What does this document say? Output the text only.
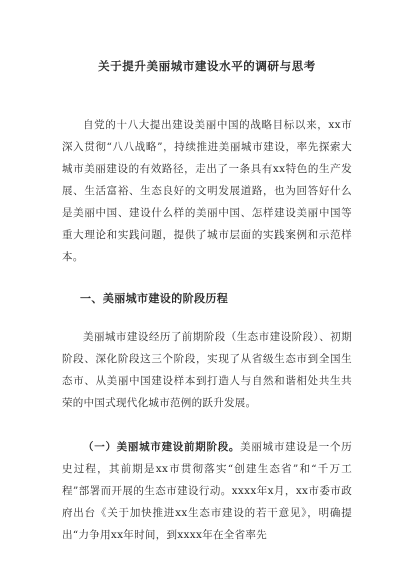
关于提升美丽城市建设水平的调研与思考

自党的十八大提出建设美丽中国的战略目标以来，xx市深入贯彻“八八战略”，持续推进美丽城市建设，率先探索大城市美丽建设的有效路径，走出了一条具有xx特色的生产发展、生活富裕、生态良好的文明发展道路，也为回答好什么是美丽中国、建设什么样的美丽中国、怎样建设美丽中国等重大理论和实践问题，提供了城市层面的实践案例和示范样本。

一、美丽城市建设的阶段历程

美丽城市建设经历了前期阶段（生态市建设阶段）、初期阶段、深化阶段这三个阶段，实现了从省级生态市到全国生态市、从美丽中国建设样本到打造人与自然和谐相处共生共荣的中国式现代化城市范例的跃升发展。

（一）美丽城市建设前期阶段。美丽城市建设是一个历史过程，其前期是xx市贯彻落实“创建生态省”和“千万工程”部署而开展的生态市建设行动。xxxx年x月，xx市委市政府出台《关于加快推进xx生态市建设的若干意见》，明确提出“力争用xx年时间，到xxxx年在全省率先
